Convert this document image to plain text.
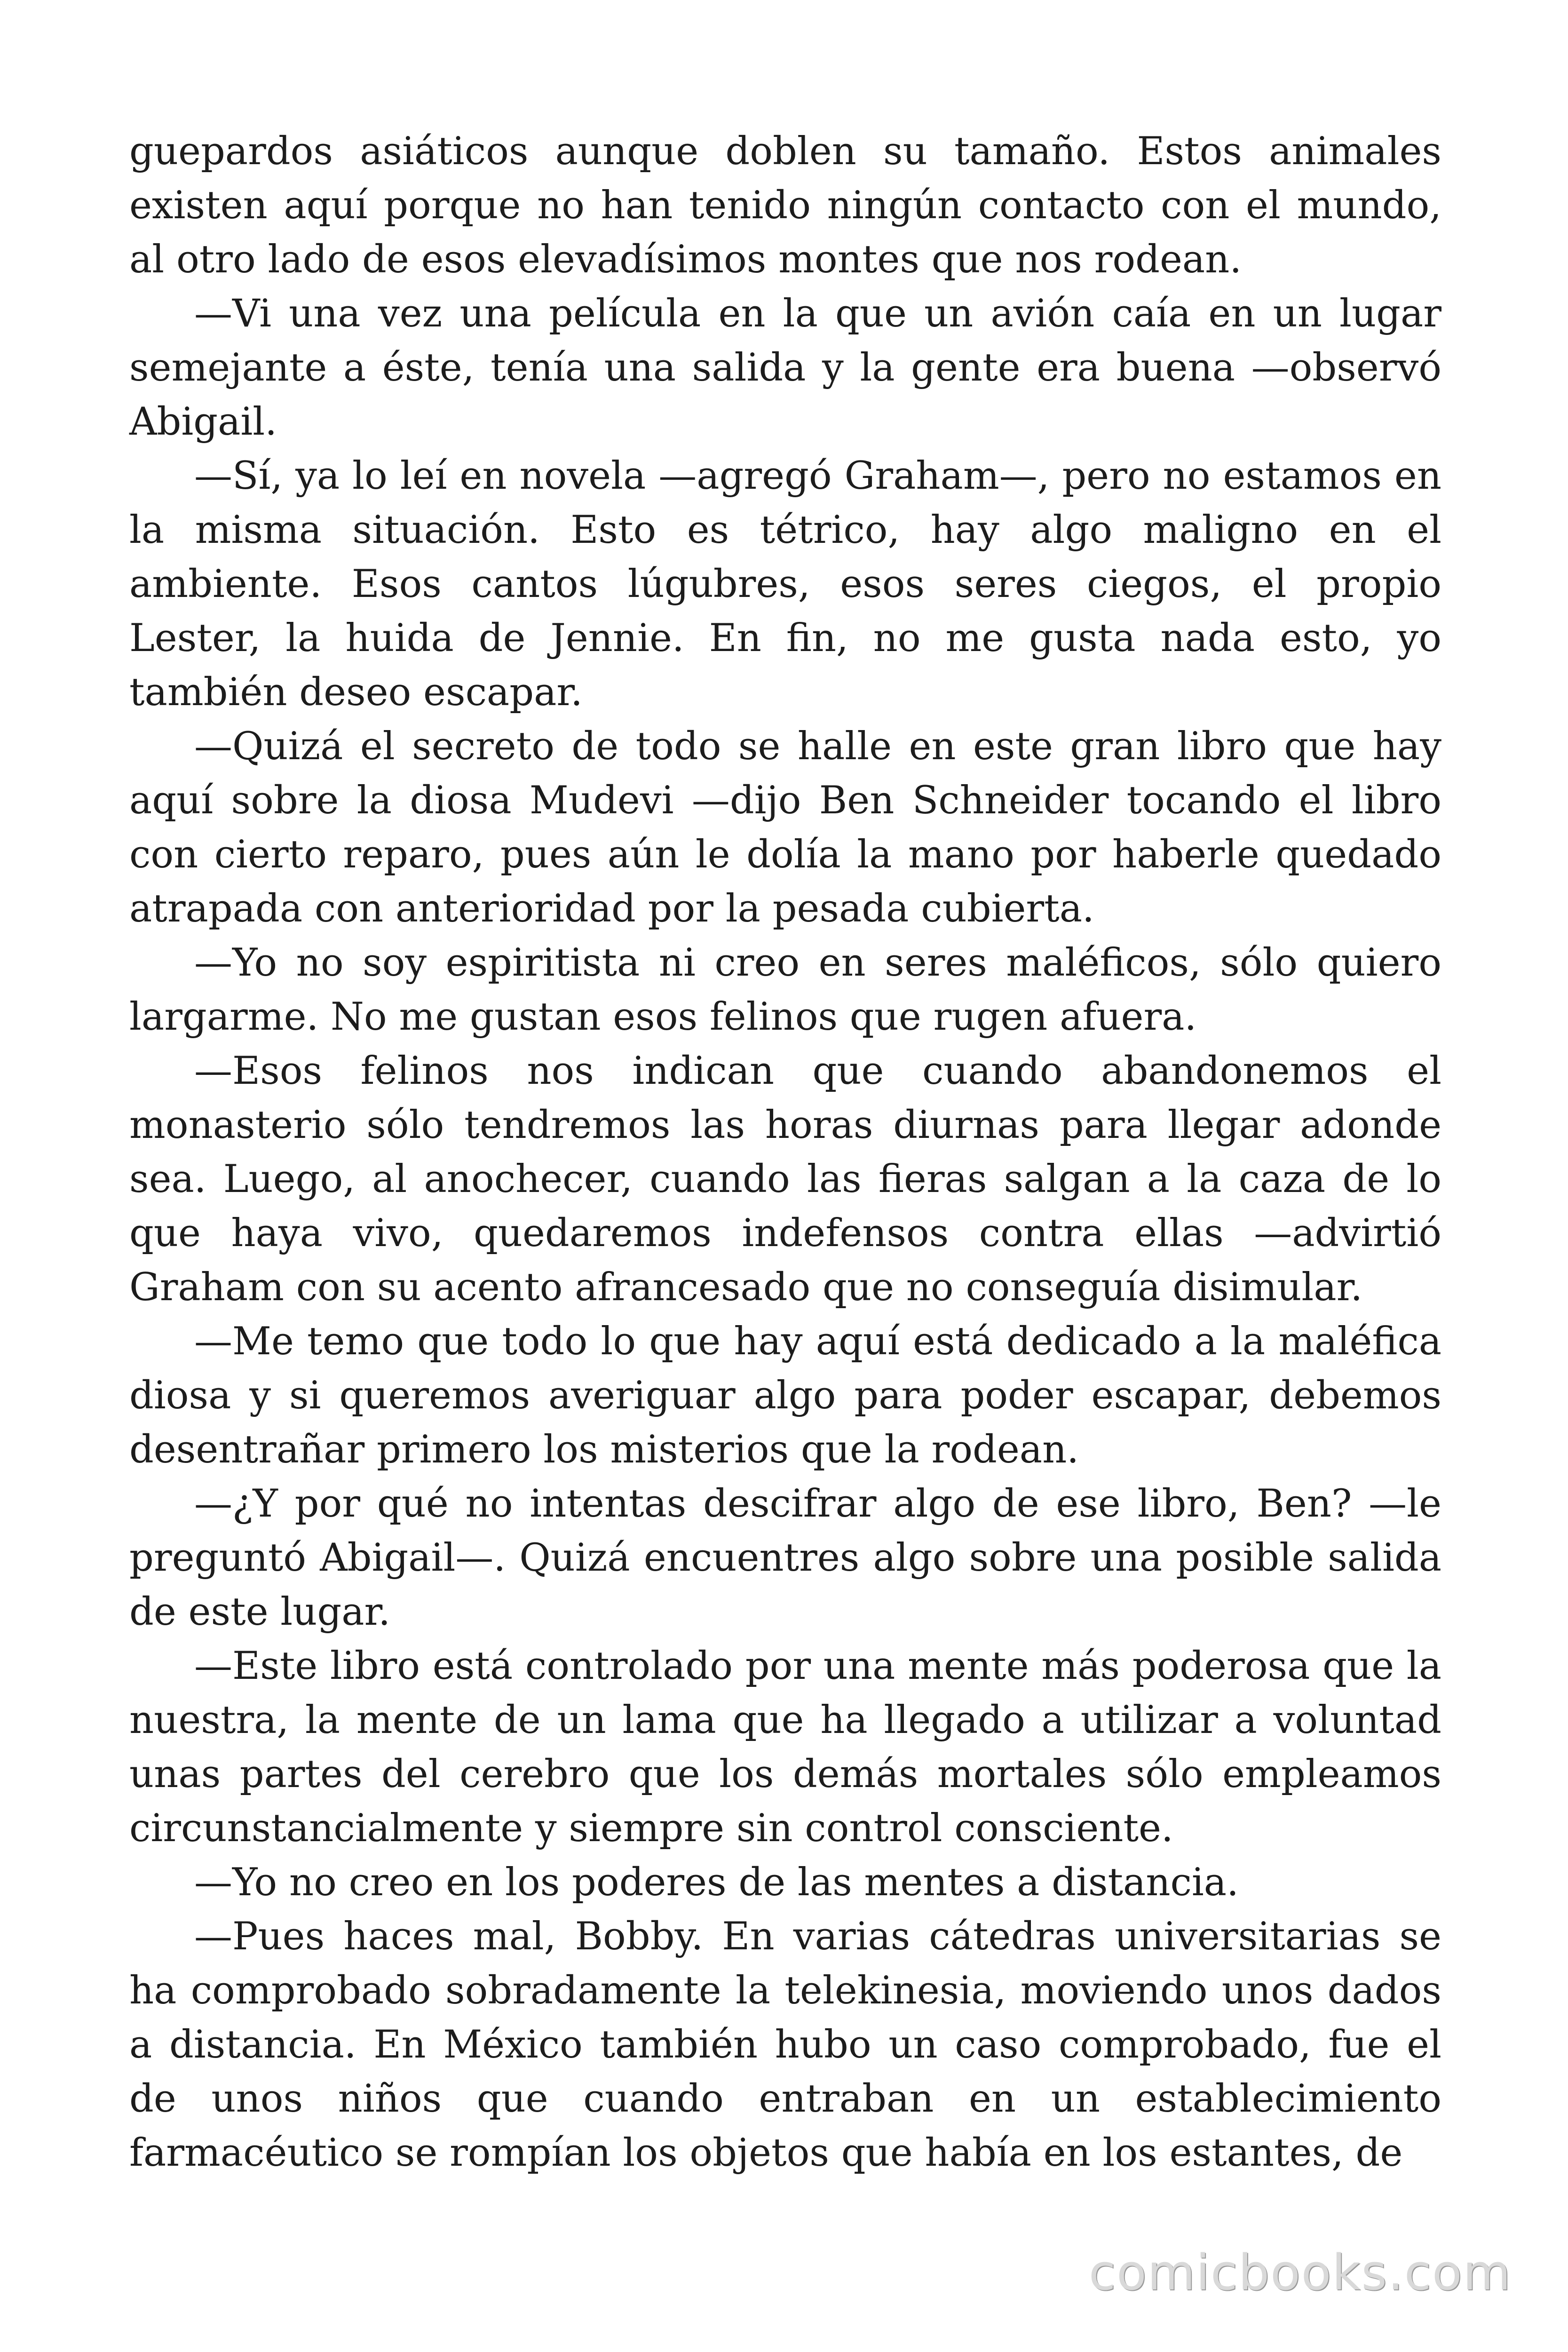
guepardos asiáticos aunque doblen su tamaño. Estos animales existen aquí porque no han tenido ningún contacto con el mundo, al otro lado de esos elevadísimos montes que nos rodean.

—Vi una vez una película en la que un avión caía en un lugar semejante a éste, tenía una salida y la gente era buena —observó Abigail.

—Sí, ya lo leí en novela —agregó Graham—, pero no estamos en la misma situación. Esto es tétrico, hay algo maligno en el ambiente. Esos cantos lúgubres, esos seres ciegos, el propio Lester, la huida de Jennie. En fin, no me gusta nada esto, yo también deseo escapar.

—Quizá el secreto de todo se halle en este gran libro que hay aquí sobre la diosa Mudevi —dijo Ben Schneider tocando el libro con cierto reparo, pues aún le dolía la mano por haberle quedado atrapada con anterioridad por la pesada cubierta.

—Yo no soy espiritista ni creo en seres maléficos, sólo quiero largarme. No me gustan esos felinos que rugen afuera.

—Esos felinos nos indican que cuando abandonemos el monasterio sólo tendremos las horas diurnas para llegar adonde sea. Luego, al anochecer, cuando las fieras salgan a la caza de lo que haya vivo, quedaremos indefensos contra ellas —advirtió Graham con su acento afrancesado que no conseguía disimular.

—Me temo que todo lo que hay aquí está dedicado a la maléfica diosa y si queremos averiguar algo para poder escapar, debemos desentrañar primero los misterios que la rodean.

—¿Y por qué no intentas descifrar algo de ese libro, Ben? —le preguntó Abigail—. Quizá encuentres algo sobre una posible salida de este lugar.

—Este libro está controlado por una mente más poderosa que la nuestra, la mente de un lama que ha llegado a utilizar a voluntad unas partes del cerebro que los demás mortales sólo empleamos circunstancialmente y siempre sin control consciente.

—Yo no creo en los poderes de las mentes a distancia.

—Pues haces mal, Bobby. En varias cátedras universitarias se ha comprobado sobradamente la telekinesia, moviendo unos dados a distancia. En México también hubo un caso comprobado, fue el de unos niños que cuando entraban en un establecimiento farmacéutico se rompían los objetos que había en los estantes, de

comicbooks.com
